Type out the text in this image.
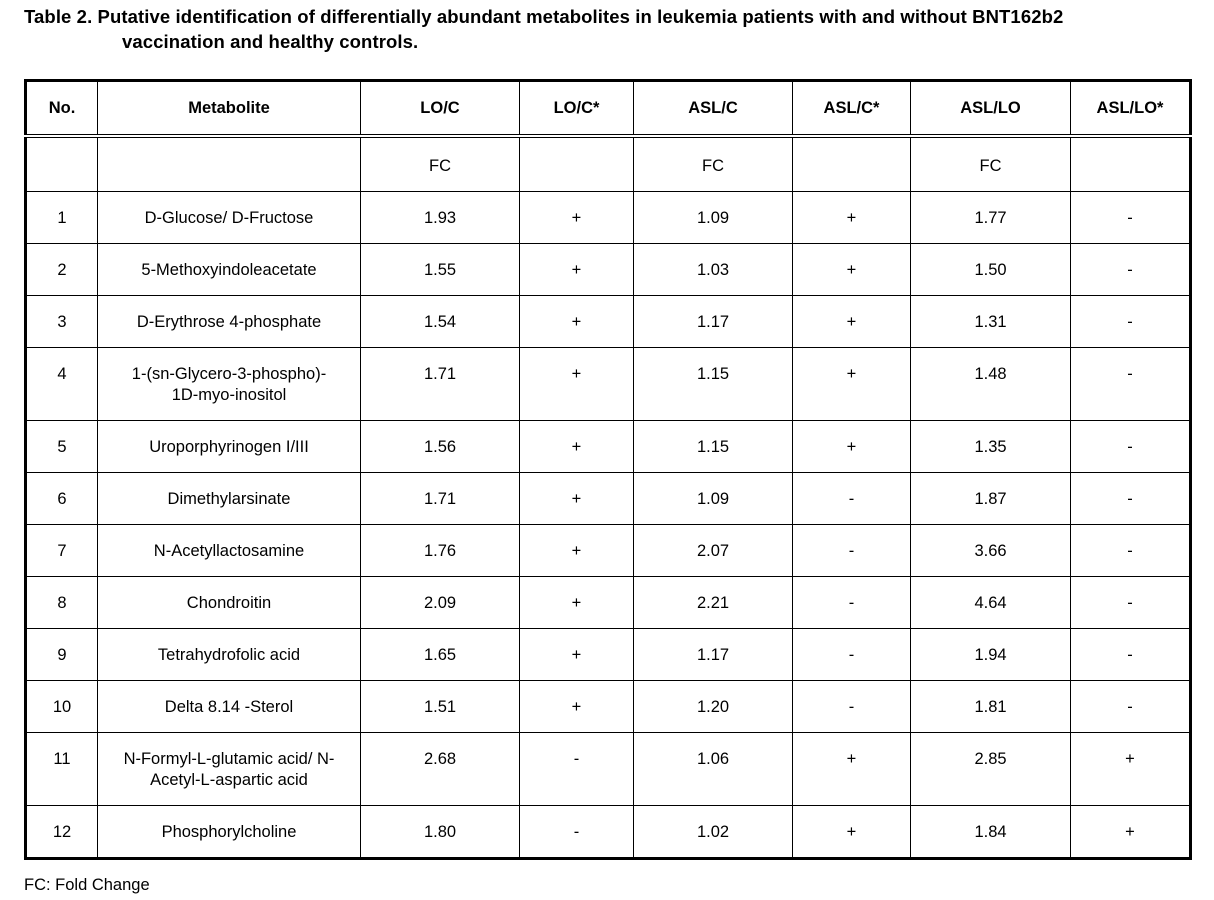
Table 2. Putative identification of differentially abundant metabolites in leukemia patients with and without BNT162b2
vaccination and healthy controls.
No.	Metabolite	LO/C	LO/C*	ASL/C	ASL/C*	ASL/LO	ASL/LO*
		FC		FC		FC	
1	D-Glucose/ D-Fructose	1.93	+	1.09	+	1.77	-
2	5-Methoxyindoleacetate	1.55	+	1.03	+	1.50	-
3	D-Erythrose 4-phosphate	1.54	+	1.17	+	1.31	-
4	1-(sn-Glycero-3-phospho)-
1D-myo-inositol	1.71	+	1.15	+	1.48	-
5	Uroporphyrinogen I/III	1.56	+	1.15	+	1.35	-
6	Dimethylarsinate	1.71	+	1.09	-	1.87	-
7	N-Acetyllactosamine	1.76	+	2.07	-	3.66	-
8	Chondroitin	2.09	+	2.21	-	4.64	-
9	Tetrahydrofolic acid	1.65	+	1.17	-	1.94	-
10	Delta 8.14 -Sterol	1.51	+	1.20	-	1.81	-
11	N-Formyl-L-glutamic acid/ N-
Acetyl-L-aspartic acid	2.68	-	1.06	+	2.85	+
12	Phosphorylcholine	1.80	-	1.02	+	1.84	+
FC: Fold Change
